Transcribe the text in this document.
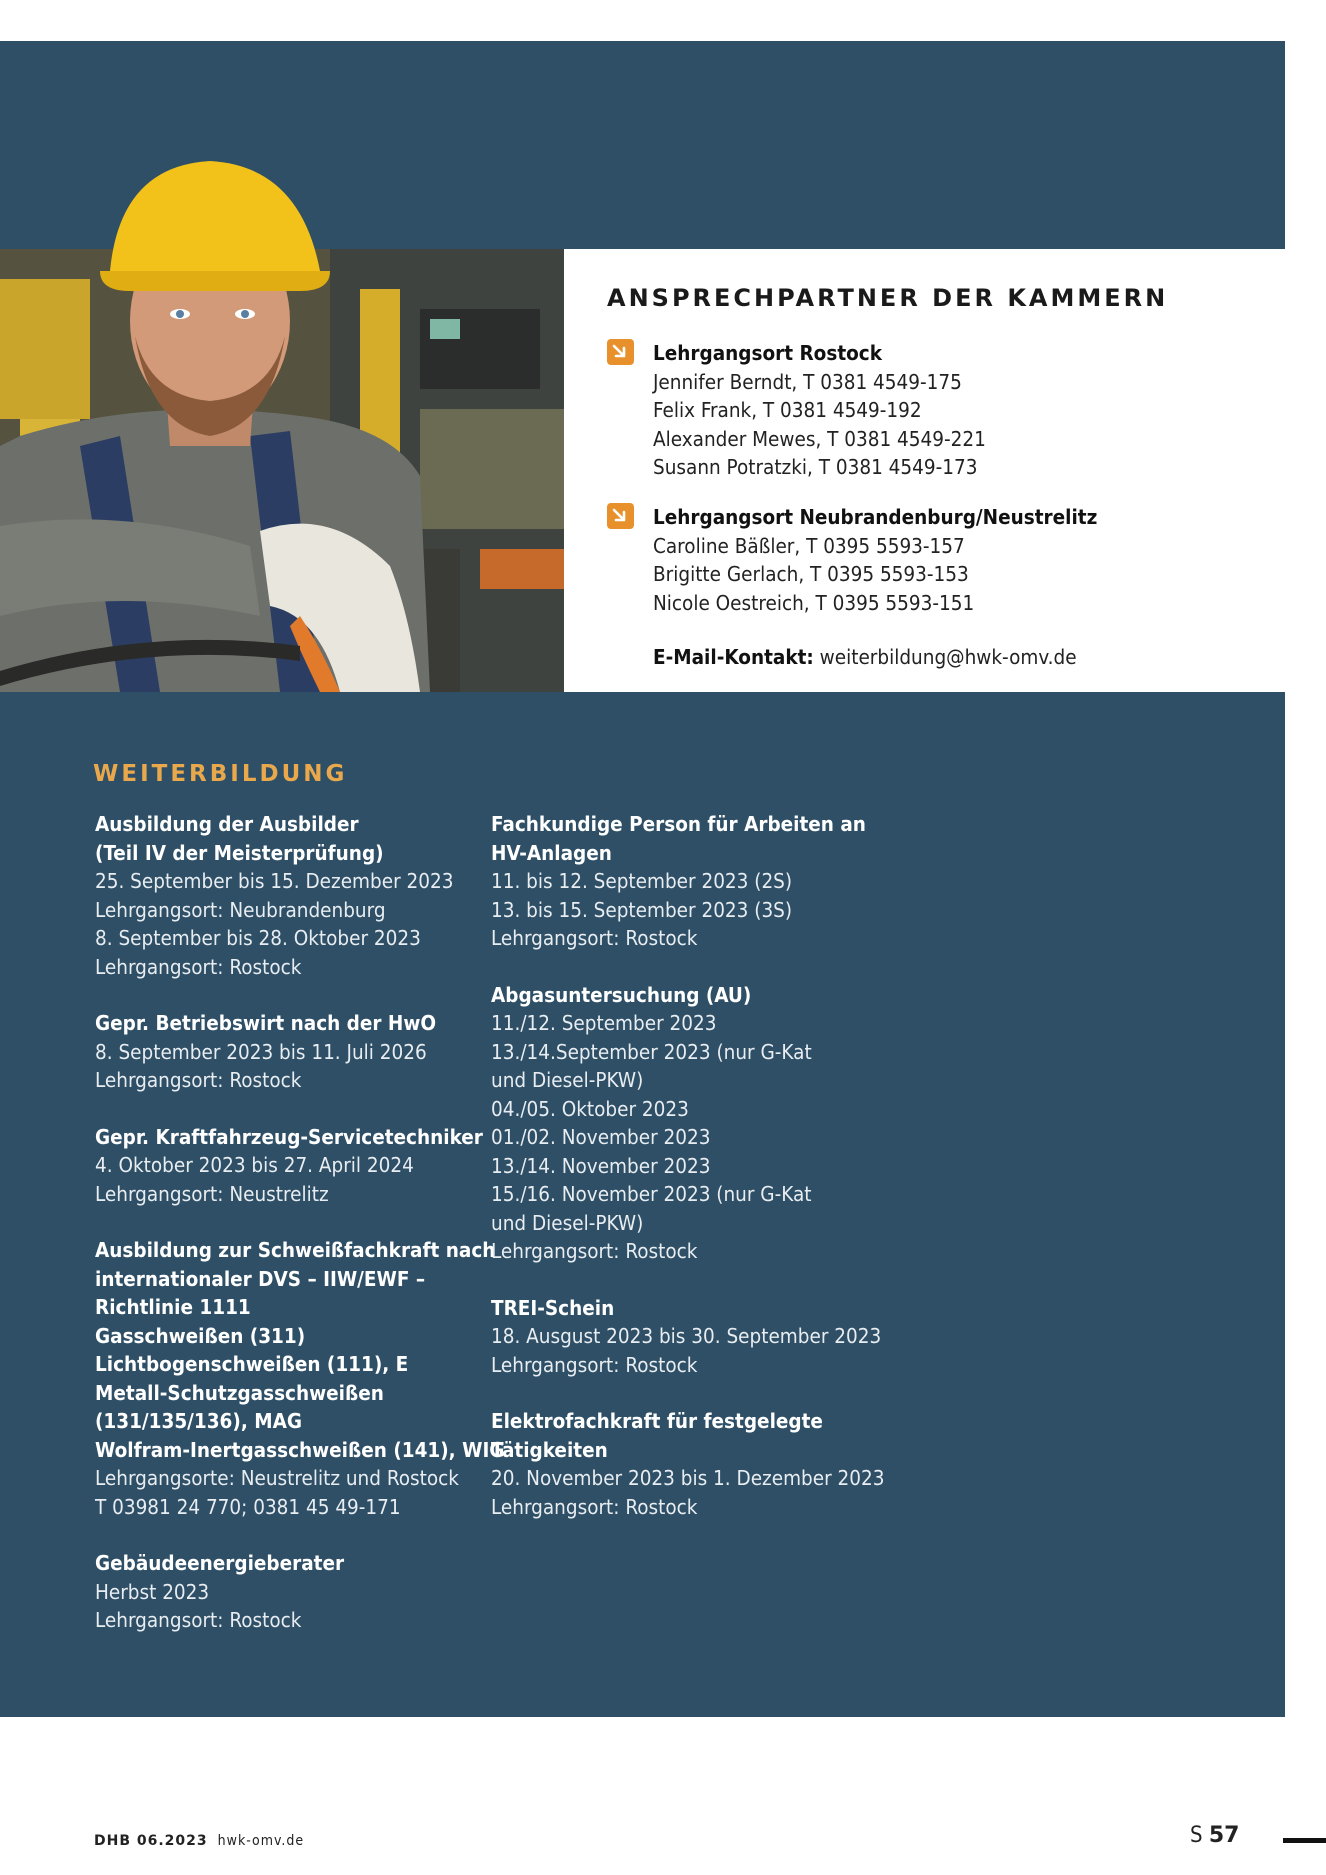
ANSPRECHPARTNER DER KAMMERN
Lehrgangsort Rostock
Jennifer Berndt, T 0381 4549-175
Felix Frank, T 0381 4549-192
Alexander Mewes, T 0381 4549-221
Susann Potratzki, T 0381 4549-173
Lehrgangsort Neubrandenburg/Neustrelitz
Caroline Bäßler, T 0395 5593-157
Brigitte Gerlach, T 0395 5593-153
Nicole Oestreich, T 0395 5593-151
E-Mail-Kontakt: weiterbildung@hwk-omv.de
WEITERBILDUNG
Ausbildung der Ausbilder
(Teil IV der Meisterprüfung)
25. September bis 15. Dezember 2023
Lehrgangsort: Neubrandenburg
8. September bis 28. Oktober 2023
Lehrgangsort: Rostock
Gepr. Betriebswirt nach der HwO
8. September 2023 bis 11. Juli 2026
Lehrgangsort: Rostock
Gepr. Kraftfahrzeug-Servicetechniker
4. Oktober 2023 bis 27. April 2024
Lehrgangsort: Neustrelitz
Ausbildung zur Schweißfachkraft nach
internationaler DVS – IIW/EWF –
Richtlinie 1111
Gasschweißen (311)
Lichtbogenschweißen (111), E
Metall-Schutzgasschweißen
(131/135/136), MAG
Wolfram-Inertgasschweißen (141), WIG
Lehrgangsorte: Neustrelitz und Rostock
T 03981 24 770; 0381 45 49-171
Gebäudeenergieberater
Herbst 2023
Lehrgangsort: Rostock
Fachkundige Person für Arbeiten an
HV-Anlagen
11. bis 12. September 2023 (2S)
13. bis 15. September 2023 (3S)
Lehrgangsort: Rostock
Abgasuntersuchung (AU)
11./12. September 2023
13./14.September 2023 (nur G-Kat
und Diesel-PKW)
04./05. Oktober 2023
01./02. November 2023
13./14. November 2023
15./16. November 2023 (nur G-Kat
und Diesel-PKW)
Lehrgangsort: Rostock
TREI-Schein
18. Ausgust 2023 bis 30. September 2023
Lehrgangsort: Rostock
Elektrofachkraft für festgelegte
Tätigkeiten
20. November 2023 bis 1. Dezember 2023
Lehrgangsort: Rostock
DHB 06.2023 hwk-omv.de	S 57
